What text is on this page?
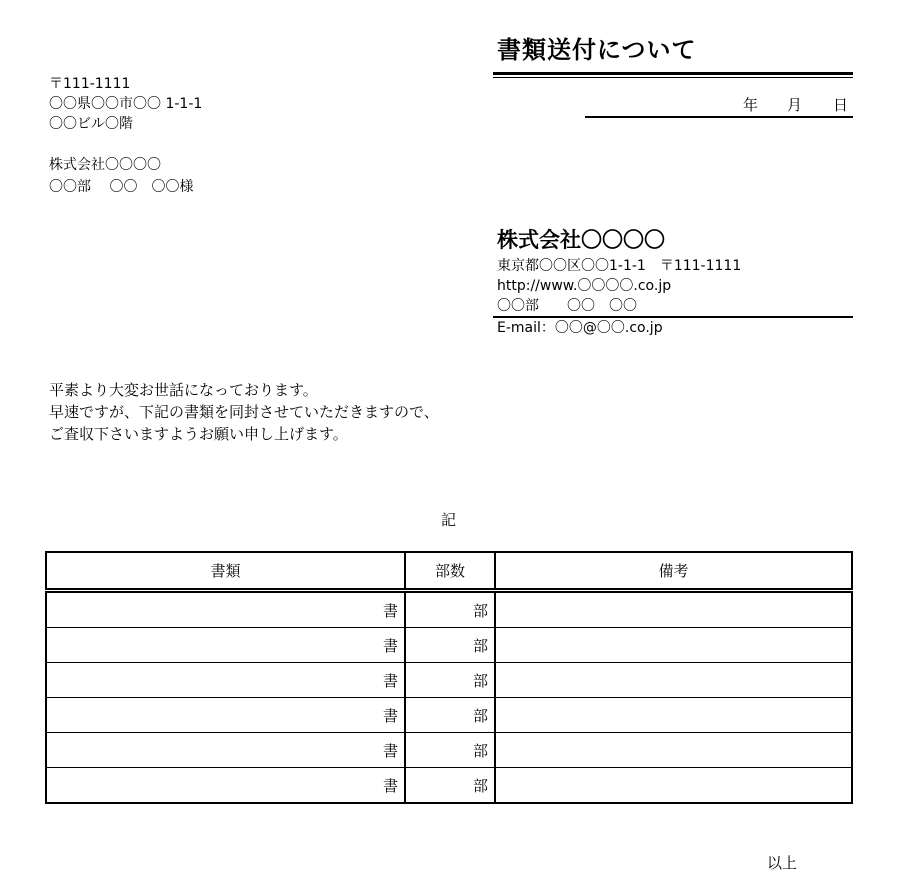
書類送付について
年 月 日
〒111-1111
〇〇県〇〇市〇〇 1-1-1
〇〇ビル〇階
株式会社〇〇〇〇
〇〇部　 〇〇　〇〇様
株式会社〇〇〇〇
東京都〇〇区〇〇1-1-1　〒111-1111
http://www.〇〇〇〇.co.jp
〇〇部　　〇〇　〇〇
E-mail：〇〇@〇〇.co.jp
平素より大変お世話になっております。
早速ですが、下記の書類を同封させていただきますので、
ご査収下さいますようお願い申し上げます。
記
書類	部数	備考
書	部	
書	部	
書	部	
書	部	
書	部	
書	部	
以上
